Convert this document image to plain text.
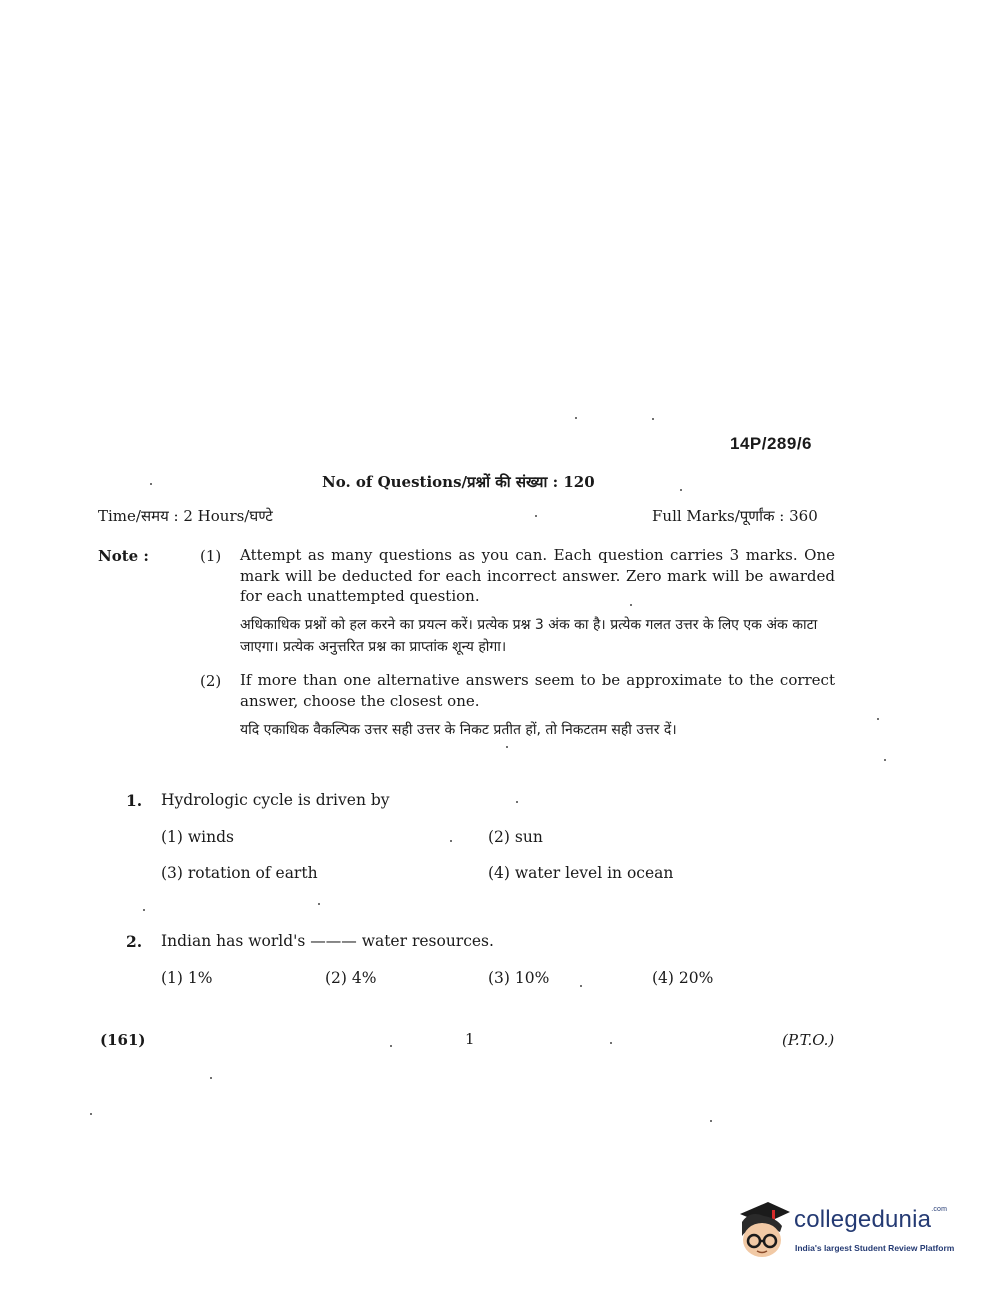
14P/289/6
No. of Questions/प्रश्नों की संख्या : 120
Time/समय : 2 Hours/घण्टे	Full Marks/पूर्णांक : 360
Note :	(1) Attempt as many questions as you can. Each question carries 3 marks. One mark will be deducted for each incorrect answer. Zero mark will be awarded for each unattempted question.
अधिकाधिक प्रश्नों को हल करने का प्रयत्न करें। प्रत्येक प्रश्न 3 अंक का है। प्रत्येक गलत उत्तर के लिए एक अंक काटा जाएगा। प्रत्येक अनुत्तरित प्रश्न का प्राप्तांक शून्य होगा।
(2) If more than one alternative answers seem to be approximate to the correct answer, choose the closest one.
यदि एकाधिक वैकल्पिक उत्तर सही उत्तर के निकट प्रतीत हों, तो निकटतम सही उत्तर दें।
1. Hydrologic cycle is driven by
(1) winds	(2) sun
(3) rotation of earth	(4) water level in ocean
2. Indian has world's ——— water resources.
(1) 1%	(2) 4%	(3) 10%	(4) 20%
(161)	1	(P.T.O.)
collegedunia$^{.com}$
India's largest Student Review Platform
